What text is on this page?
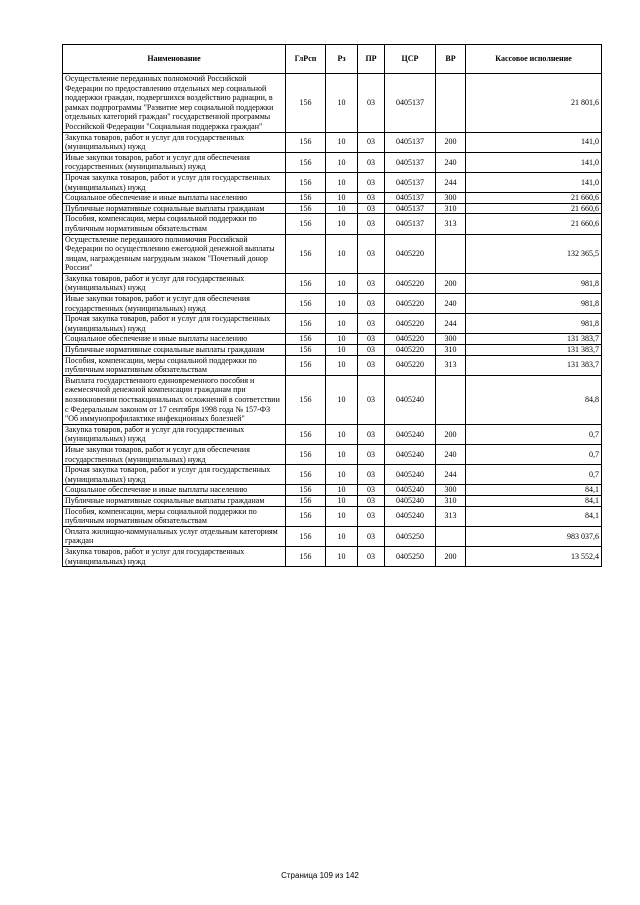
Наименование	ГлРсп	Рз	ПР	ЦСР	ВР	Кассовое исполнение
Осуществление переданных полномочий Российской Федерации по предоставлению отдельных мер социальной поддержки граждан, подвергшихся воздействию радиации, в рамках подпрограммы "Развитие мер социальной поддержки отдельных категорий граждан" государственной программы Российской Федерации "Социальная поддержка граждан"	156	10	03	0405137		21 801,6
Закупка товаров, работ и услуг для государственных (муниципальных) нужд	156	10	03	0405137	200	141,0
Иные закупки товаров, работ и услуг для обеспечения государственных (муниципальных) нужд	156	10	03	0405137	240	141,0
Прочая закупка товаров, работ и услуг для государственных (муниципальных) нужд	156	10	03	0405137	244	141,0
Социальное обеспечение и иные выплаты населению	156	10	03	0405137	300	21 660,6
Публичные нормативные социальные выплаты гражданам	156	10	03	0405137	310	21 660,6
Пособия, компенсации, меры социальной поддержки по публичным нормативным обязательствам	156	10	03	0405137	313	21 660,6
Осуществление переданного полномочия Российской Федерации по осуществлению ежегодной денежной выплаты лицам, награжденным нагрудным знаком "Почетный донор России"	156	10	03	0405220		132 365,5
Закупка товаров, работ и услуг для государственных (муниципальных) нужд	156	10	03	0405220	200	981,8
Иные закупки товаров, работ и услуг для обеспечения государственных (муниципальных) нужд	156	10	03	0405220	240	981,8
Прочая закупка товаров, работ и услуг для государственных (муниципальных) нужд	156	10	03	0405220	244	981,8
Социальное обеспечение и иные выплаты населению	156	10	03	0405220	300	131 383,7
Публичные нормативные социальные выплаты гражданам	156	10	03	0405220	310	131 383,7
Пособия, компенсации, меры социальной поддержки по публичным нормативным обязательствам	156	10	03	0405220	313	131 383,7
Выплата государственного единовременного пособия и ежемесячной денежной компенсации гражданам при возникновении поствакцинальных осложнений в соответствии с Федеральным законом от 17 сентября 1998 года № 157-ФЗ "Об иммунопрофилактике инфекционных болезней"	156	10	03	0405240		84,8
Закупка товаров, работ и услуг для государственных (муниципальных) нужд	156	10	03	0405240	200	0,7
Иные закупки товаров, работ и услуг для обеспечения государственных (муниципальных) нужд	156	10	03	0405240	240	0,7
Прочая закупка товаров, работ и услуг для государственных (муниципальных) нужд	156	10	03	0405240	244	0,7
Социальное обеспечение и иные выплаты населению	156	10	03	0405240	300	84,1
Публичные нормативные социальные выплаты гражданам	156	10	03	0405240	310	84,1
Пособия, компенсации, меры социальной поддержки по публичным нормативным обязательствам	156	10	03	0405240	313	84,1
Оплата жилищно-коммунальных услуг отдельным категориям граждан	156	10	03	0405250		983 037,6
Закупка товаров, работ и услуг для государственных (муниципальных) нужд	156	10	03	0405250	200	13 552,4
Страница 109 из 142
